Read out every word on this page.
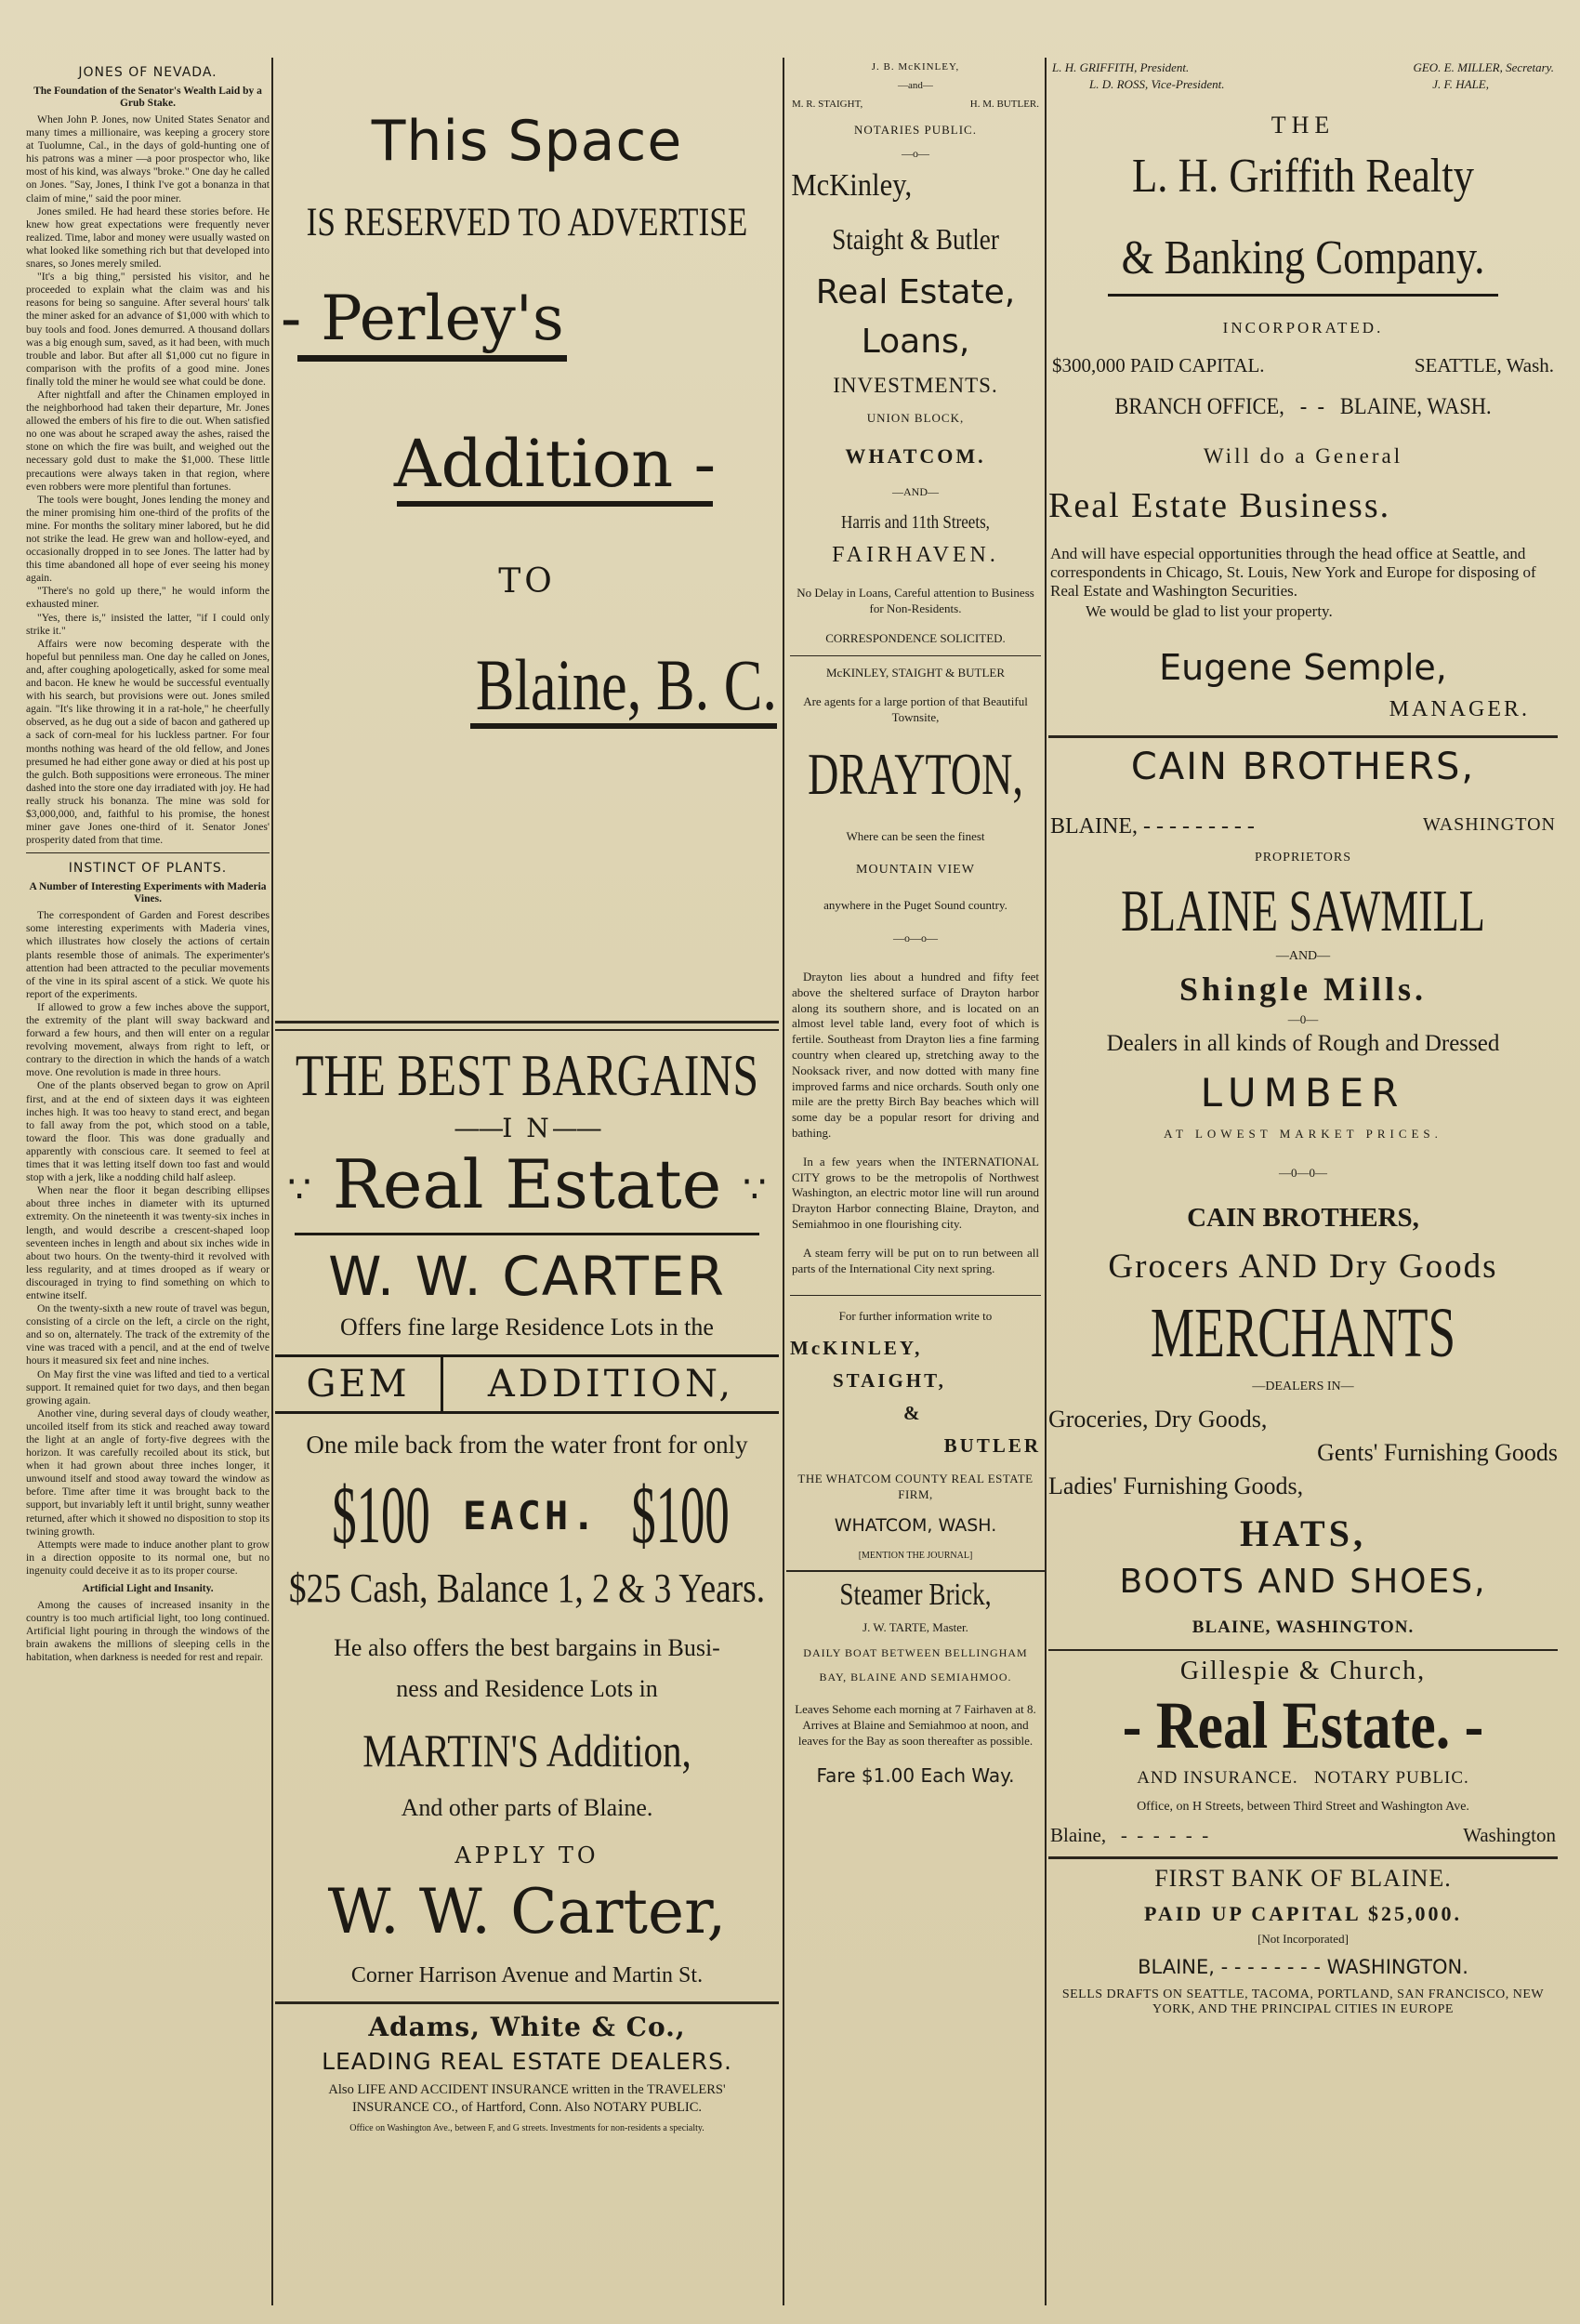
JONES OF NEVADA.
The Foundation of the Senator's Wealth Laid by a Grub Stake.

When John P. Jones, now United States Senator and many times a millionaire, was keeping a grocery store at Tuolumne, Cal., in the days of gold-hunting one of his patrons was a miner —a poor prospector who, like most of his kind, was always "broke." One day he called on Jones. "Say, Jones, I think I've got a bonanza in that claim of mine," said the poor miner.

Jones smiled. He had heard these stories before. He knew how great expectations were frequently never realized. Time, labor and money were usually wasted on what looked like something rich but that developed into snares, so Jones merely smiled.

"It's a big thing," persisted his visitor, and he proceeded to explain what the claim was and his reasons for being so sanguine. After several hours' talk the miner asked for an advance of $1,000 with which to buy tools and food. Jones demurred. A thousand dollars was a big enough sum, saved, as it had been, with much trouble and labor. But after all $1,000 cut no figure in comparison with the profits of a good mine. Jones finally told the miner he would see what could be done.

After nightfall and after the Chinamen employed in the neighborhood had taken their departure, Mr. Jones allowed the embers of his fire to die out. When satisfied no one was about he scraped away the ashes, raised the stone on which the fire was built, and weighed out the necessary gold dust to make the $1,000. These little precautions were always taken in that region, where even robbers were more plentiful than fortunes.

The tools were bought, Jones lending the money and the miner promising him one-third of the profits of the mine. For months the solitary miner labored, but he did not strike the lead. He grew wan and hollow-eyed, and occasionally dropped in to see Jones. The latter had by this time abandoned all hope of ever seeing his money again.

"There's no gold up there," he would inform the exhausted miner.

"Yes, there is," insisted the latter, "if I could only strike it."

Affairs were now becoming desperate with the hopeful but penniless man. One day he called on Jones, and, after coughing apologetically, asked for some meal and bacon. He knew he would be successful eventually with his search, but provisions were out. Jones smiled again. "It's like throwing it in a rat-hole," he cheerfully observed, as he dug out a side of bacon and gathered up a sack of corn-meal for his luckless partner. For four months nothing was heard of the old fellow, and Jones presumed he had either gone away or died at his post up the gulch. Both suppositions were erroneous. The miner dashed into the store one day irradiated with joy. He had really struck his bonanza. The mine was sold for $3,000,000, and, faithful to his promise, the honest miner gave Jones one-third of it. Senator Jones' prosperity dated from that time.

INSTINCT OF PLANTS.
A Number of Interesting Experiments with Maderia Vines.

The correspondent of Garden and Forest describes some interesting experiments with Maderia vines, which illustrates how closely the actions of certain plants resemble those of animals. The experimenter's attention had been attracted to the peculiar movements of the vine in its spiral ascent of a stick. We quote his report of the experiments.

If allowed to grow a few inches above the support, the extremity of the plant will sway backward and forward a few hours, and then will enter on a regular revolving movement, always from right to left, or contrary to the direction in which the hands of a watch move. One revolution is made in three hours.

One of the plants observed began to grow on April first, and at the end of sixteen days it was eighteen inches high. It was too heavy to stand erect, and began to fall away from the pot, which stood on a table, toward the floor. This was done gradually and apparently with conscious care. It seemed to feel at times that it was letting itself down too fast and would stop with a jerk, like a nodding child half asleep.

When near the floor it began describing ellipses about three inches in diameter with its upturned extremity. On the nineteenth it was twenty-six inches in length, and would describe a crescent-shaped loop seventeen inches in length and about six inches wide in about two hours. On the twenty-third it revolved with less regularity, and at times drooped as if weary or discouraged in trying to find something on which to entwine itself.

On the twenty-sixth a new route of travel was begun, consisting of a circle on the left, a circle on the right, and so on, alternately. The track of the extremity of the vine was traced with a pencil, and at the end of twelve hours it measured six feet and nine inches.

On May first the vine was lifted and tied to a vertical support. It remained quiet for two days, and then began growing again.

Another vine, during several days of cloudy weather, uncoiled itself from its stick and reached away toward the light at an angle of forty-five degrees with the horizon. It was carefully recoiled about its stick, but when it had grown about three inches longer, it unwound itself and stood away toward the window as before. Time after time it was brought back to the support, but invariably left it until bright, sunny weather returned, after which it showed no disposition to stop its twining growth.

Attempts were made to induce another plant to grow in a direction opposite to its normal one, but no ingenuity could deceive it as to its proper course.

Artificial Light and Insanity.

Among the causes of increased insanity in the country is too much artificial light, too long continued. Artificial light pouring in through the windows of the brain awakens the millions of sleeping cells in the habitation, when darkness is needed for rest and repair.

This Space
IS RESERVED TO ADVERTISE
- Perley's
Addition -
TO
Blaine, B. C.
THE BEST BARGAINS
——I N——
∵ Real Estate ∵
W. W. CARTER
Offers fine large Residence Lots in the
GEM	ADDITION,
One mile back from the water front for only
$100 EACH. $100
$25 Cash, Balance 1, 2 & 3 Years.
He also offers the best bargains in Busi-
ness and Residence Lots in
MARTIN'S Addition,
And other parts of Blaine.
APPLY TO
W. W. Carter,
Corner Harrison Avenue and Martin St.
Adams, White & Co.,
LEADING REAL ESTATE DEALERS.
Also LIFE AND ACCIDENT INSURANCE written in the TRAVELERS'
INSURANCE CO., of Hartford, Conn. Also NOTARY PUBLIC.
Office on Washington Ave., between F, and G streets. Investments for non-residents a specialty.
J. B. McKINLEY,
—and—
M. R. STAIGHT,	H. M. BUTLER.
NOTARIES PUBLIC.
—o—
McKinley,
Staight & Butler
Real Estate,
Loans,
INVESTMENTS.
UNION BLOCK,
WHATCOM.
—AND—
Harris and 11th Streets,
FAIRHAVEN.
No Delay in Loans, Careful attention to Business for Non-Residents.
CORRESPONDENCE SOLICITED.
McKINLEY, STAIGHT & BUTLER
Are agents for a large portion of that Beautiful Townsite,
DRAYTON,
Where can be seen the finest
MOUNTAIN VIEW
anywhere in the Puget Sound country.
—o—o—
Drayton lies about a hundred and fifty feet above the sheltered surface of Drayton harbor along its southern shore, and is located on an almost level table land, every foot of which is fertile. Southeast from Drayton lies a fine farming country when cleared up, stretching away to the Nooksack river, and now dotted with many fine improved farms and nice orchards. South only one mile are the pretty Birch Bay beaches which will some day be a popular resort for driving and bathing.
In a few years when the INTERNATIONAL CITY grows to be the metropolis of Northwest Washington, an electric motor line will run around Drayton Harbor connecting Blaine, Drayton, and Semiahmoo in one flourishing city.
A steam ferry will be put on to run between all parts of the International City next spring.
For further information write to
McKINLEY,
STAIGHT,
&
BUTLER
THE WHATCOM COUNTY REAL ESTATE FIRM,
WHATCOM, WASH.
[MENTION THE JOURNAL]
Steamer Brick,
J. W. TARTE, Master.
DAILY BOAT BETWEEN BELLINGHAM BAY, BLAINE AND SEMIAHMOO.
Leaves Sehome each morning at 7 Fairhaven at 8. Arrives at Blaine and Semiahmoo at noon, and leaves for the Bay as soon thereafter as possible.
Fare $1.00 Each Way.
L. H. GRIFFITH, President.
L. D. ROSS, Vice-President.
GEO. E. MILLER, Secretary.
J. F. HALE,
THE
L. H. Griffith Realty
& Banking Company.
INCORPORATED.
$300,000 PAID CAPITAL.	SEATTLE, Wash.
BRANCH OFFICE,   -  -   BLAINE, WASH.
Will do a General
Real Estate Business.
And will have especial opportunities through the head office at Seattle, and correspondents in Chicago, St. Louis, New York and Europe for disposing of Real Estate and Washington Securities.
We would be glad to list your property.
Eugene Semple,
MANAGER.
CAIN BROTHERS,
BLAINE, - - - - - - - - -	WASHINGTON
PROPRIETORS
BLAINE SAWMILL
—AND—
Shingle Mills.
—0—
Dealers in all kinds of Rough and Dressed
LUMBER
AT LOWEST MARKET PRICES.
—0—0—
CAIN BROTHERS,
Grocers AND Dry Goods
MERCHANTS
—DEALERS IN—
Groceries, Dry Goods,
Gents' Furnishing Goods
Ladies' Furnishing Goods,
HATS,
BOOTS AND SHOES,
BLAINE, WASHINGTON.
Gillespie & Church,
- Real Estate. -
AND INSURANCE.   NOTARY PUBLIC.
Office, on H Streets, between Third Street and Washington Ave.
Blaine,   -  -  -  -  -  -	Washington
FIRST BANK OF BLAINE.
PAID UP CAPITAL $25,000.
[Not Incorporated]
BLAINE, - - - - - - - - WASHINGTON.
SELLS DRAFTS ON SEATTLE, TACOMA, PORTLAND, SAN FRANCISCO, NEW YORK, AND THE PRINCIPAL CITIES IN EUROPE
